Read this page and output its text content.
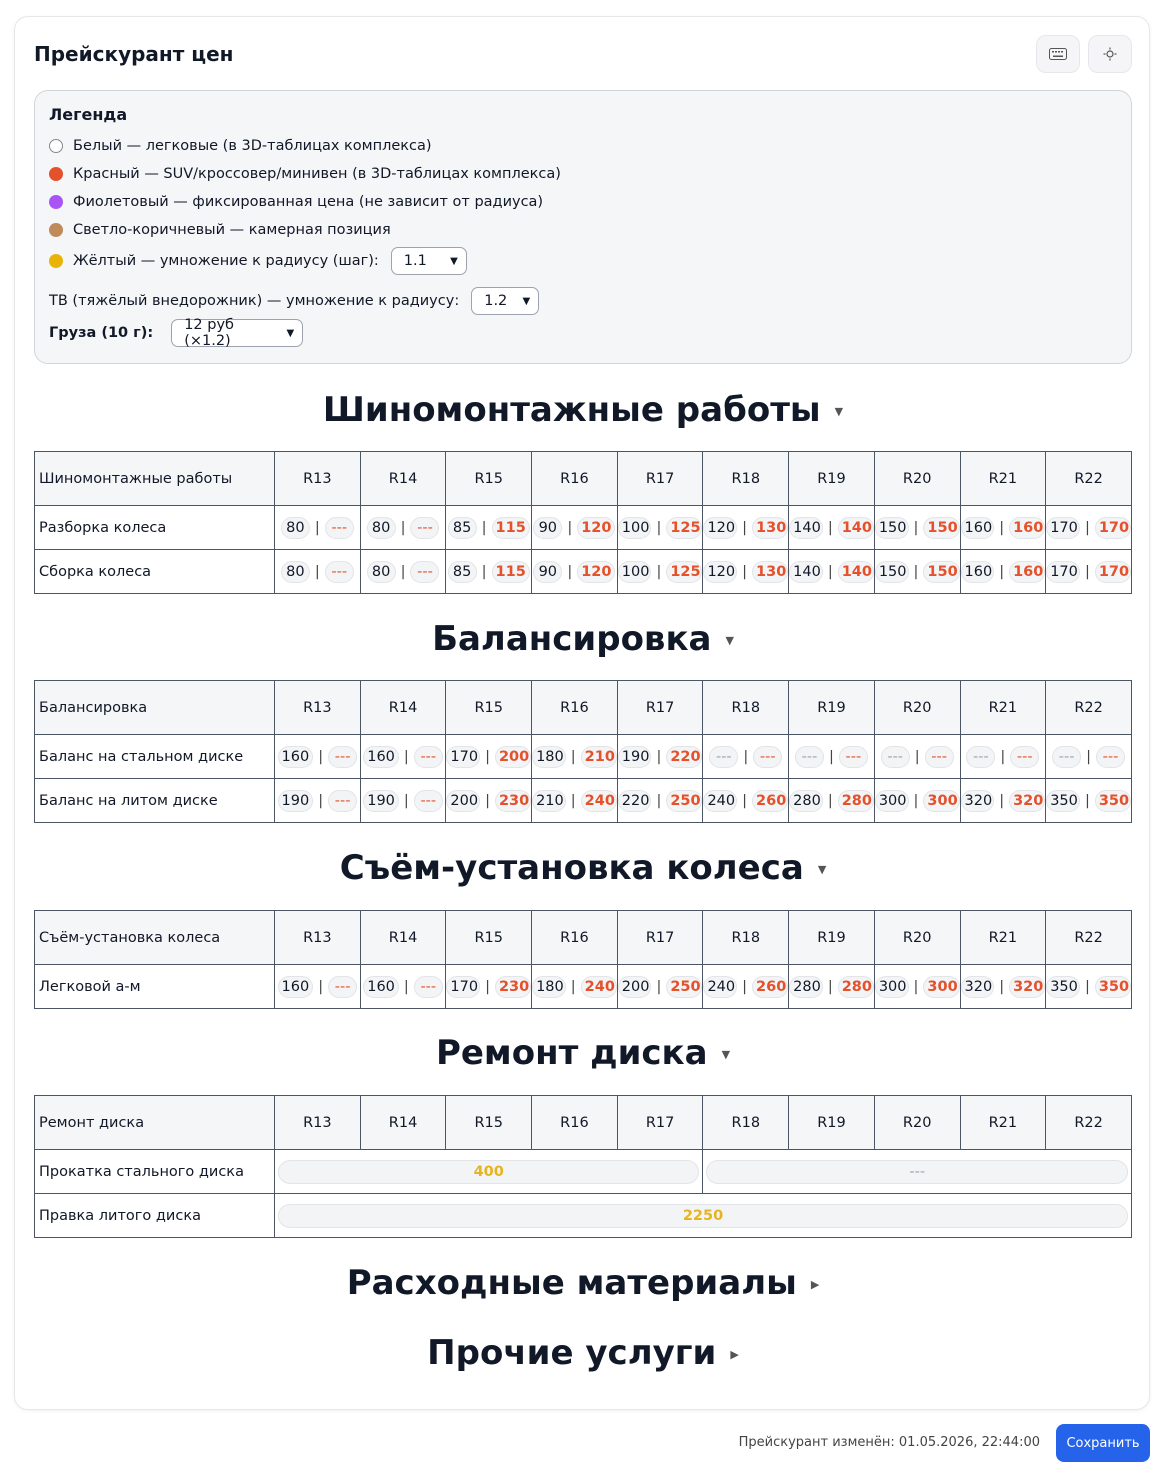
Прейскурант цен
Легенда
Белый — легковые (в 3D-таблицах комплекса)
Красный — SUV/кроссовер/минивен (в 3D-таблицах комплекса)
Фиолетовый — фиксированная цена (не зависит от радиуса)
Светло-коричневый — камерная позиция
Жёлтый — умножение к радиусу (шаг): 1.1 ▼
ТВ (тяжёлый внедорожник) — умножение к радиусу: 1.2 ▼
Груза (10 г): 12 руб (×1.2)	▼
Шиномонтажные работы ▼
Шиномонтажные работы	R13	R14	R15	R16	R17	R18	R19	R20	R21	R22
Разборка колеса	80 | ---	80 | ---	85 | 115	90 | 120	100 | 125	120 | 130	140 | 140	150 | 150	160 | 160	170 | 170

Сборка колеса	80 | ---	80 | ---	85 | 115	90 | 120	100 | 125	120 | 130	140 | 140	150 | 150	160 | 160	170 | 170
Балансировка ▼
Балансировка	R13	R14	R15	R16	R17	R18	R19	R20	R21	R22
Баланс на стальном диске	160 | ---	160 | ---	170 | 200	180 | 210	190 | 220	--- | ---	--- | ---	--- | ---	--- | ---	--- | ---

Баланс на литом диске	190 | ---	190 | ---	200 | 230	210 | 240	220 | 250	240 | 260	280 | 280	300 | 300	320 | 320	350 | 350
Съём-установка колеса ▼
Съём-установка колеса	R13	R14	R15	R16	R17	R18	R19	R20	R21	R22
Легковой а-м	160 | ---	160 | ---	170 | 230	180 | 240	200 | 250	240 | 260	280 | 280	300 | 300	320 | 320	350 | 350
Ремонт диска ▼
Ремонт диска	R13	R14	R15	R16	R17	R18	R19	R20	R21	R22
Прокатка стального диска	400					---				

Правка литого диска	2250									
Расходные материалы ▶
Прочие услуги ▶
Прейскурант изменён: 01.05.2026, 22:44:00	Сохранить
